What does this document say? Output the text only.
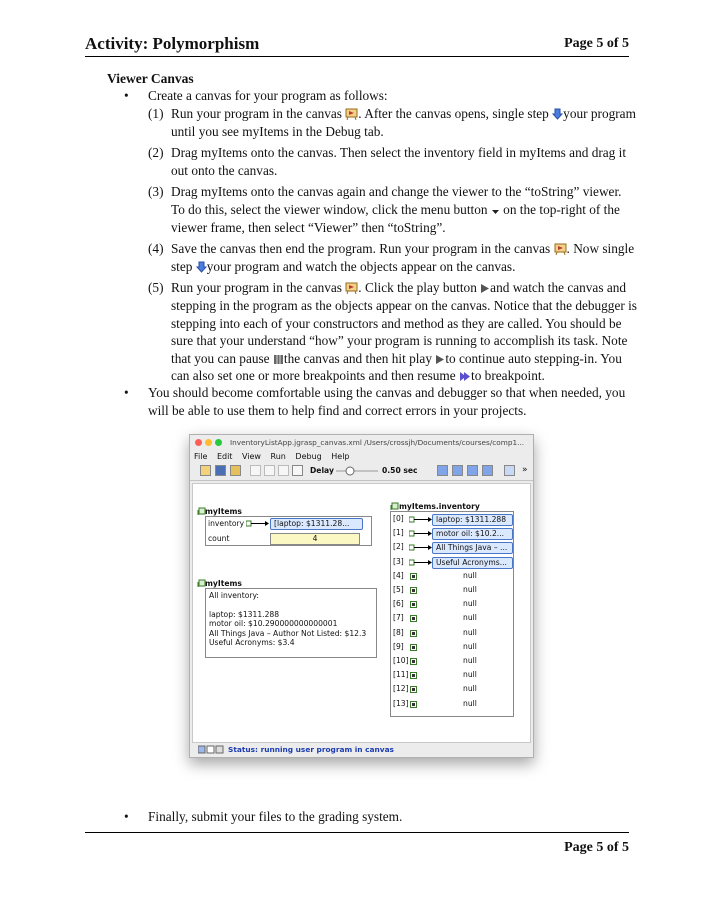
Activity: Polymorphism	Page 5 of 5
Viewer Canvas
• Create a canvas for your program as follows:
(1) Run your program in the canvas . After the canvas opens, single step your program until you see myItems in the Debug tab.
(2) Drag myItems onto the canvas. Then select the inventory field in myItems and drag it out onto the canvas.
(3) Drag myItems onto the canvas again and change the viewer to the “toString” viewer. To do this, select the viewer window, click the menu button  on the top-right of the viewer frame, then select “Viewer” then “toString”.
(4) Save the canvas then end the program. Run your program in the canvas . Now single step your program and watch the objects appear on the canvas.
(5) Run your program in the canvas . Click the play button and watch the canvas and stepping in the program as the objects appear on the canvas. Notice that the debugger is stepping into each of your constructors and method as they are called. You should be sure that your understand “how” your program is running to accomplish its task. Note that you can pause the canvas and then hit play to continue auto stepping-in. You can also set one or more breakpoints and then resume to breakpoint.
• You should become comfortable using the canvas and debugger so that when needed, you will be able to use them to help find and correct errors in your projects.
InventoryListApp.jgrasp_canvas.xml /Users/crossjh/Documents/courses/comp1...
File Edit View Run Debug Help
Delay	0.50 sec	»
myItems
inventory	[laptop: $1311.28...
count	4
myItems
All inventory:
laptop: $1311.288
motor oil: $10.290000000000001
All Things Java – Author Not Listed: $12.3
Useful Acronyms: $3.4
myItems.inventory
[0]	laptop: $1311.288
[1]	motor oil: $10.2...
[2]	All Things Java – ...
[3]	Useful Acronyms...
[4]	null
[5]	null
[6]	null
[7]	null
[8]	null
[9]	null
[10]	null
[11]	null
[12]	null
[13]	null
Status: running user program in canvas
• Finally, submit your files to the grading system.
Page 5 of 5
